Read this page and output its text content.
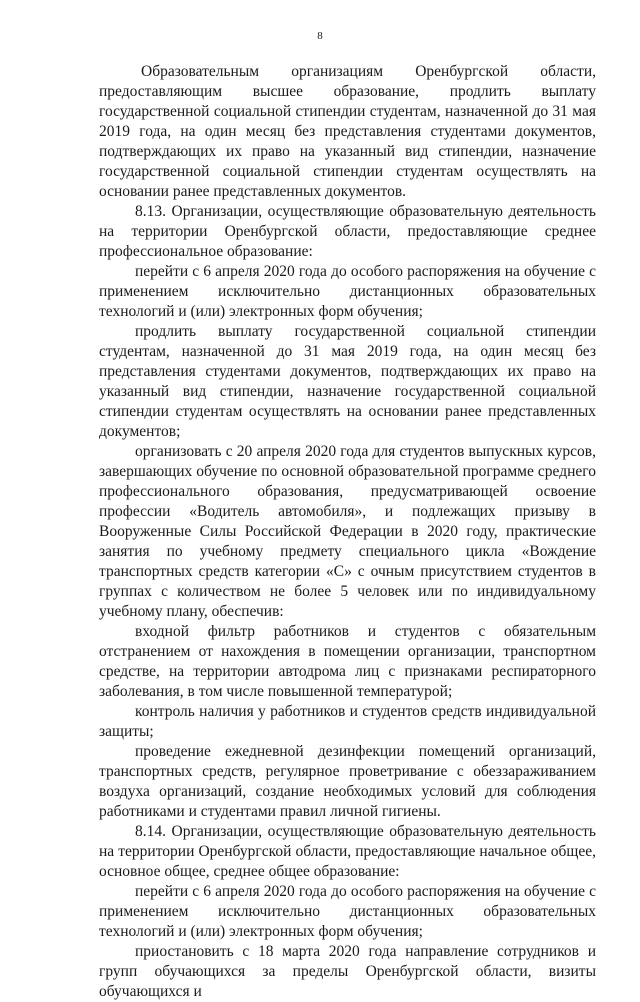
8

Образовательным организациям Оренбургской области, предоставляющим высшее образование, продлить выплату государственной социальной стипендии студентам, назначенной до 31 мая 2019 года, на один месяц без представления студентами документов, подтверждающих их право на указанный вид стипендии, назначение государственной социальной стипендии студентам осуществлять на основании ранее представленных документов.

8.13. Организации, осуществляющие образовательную деятельность на территории Оренбургской области, предоставляющие среднее профессиональное образование:

перейти с 6 апреля 2020 года до особого распоряжения на обучение с применением исключительно дистанционных образовательных технологий и (или) электронных форм обучения;

продлить выплату государственной социальной стипендии студентам, назначенной до 31 мая 2019 года, на один месяц без представления студентами документов, подтверждающих их право на указанный вид стипендии, назначение государственной социальной стипендии студентам осуществлять на основании ранее представленных документов;

организовать с 20 апреля 2020 года для студентов выпускных курсов, завершающих обучение по основной образовательной программе среднего профессионального образования, предусматривающей освоение профессии «Водитель автомобиля», и подлежащих призыву в Вооруженные Силы Российской Федерации в 2020 году, практические занятия по учебному предмету специального цикла «Вождение транспортных средств категории «С» с очным присутствием студентов в группах с количеством не более 5 человек или по индивидуальному учебному плану, обеспечив:

входной фильтр работников и студентов с обязательным отстранением от нахождения в помещении организации, транспортном средстве, на территории автодрома лиц с признаками респираторного заболевания, в том числе повышенной температурой;

контроль наличия у работников и студентов средств индивидуальной защиты;

проведение ежедневной дезинфекции помещений организаций, транспортных средств, регулярное проветривание с обеззараживанием воздуха организаций, создание необходимых условий для соблюдения работниками и студентами правил личной гигиены.

8.14. Организации, осуществляющие образовательную деятельность на территории Оренбургской области, предоставляющие начальное общее, основное общее, среднее общее образование:

перейти с 6 апреля 2020 года до особого распоряжения на обучение с применением исключительно дистанционных образовательных технологий и (или) электронных форм обучения;

приостановить с 18 марта 2020 года направление сотрудников и групп обучающихся за пределы Оренбургской области, визиты обучающихся и
